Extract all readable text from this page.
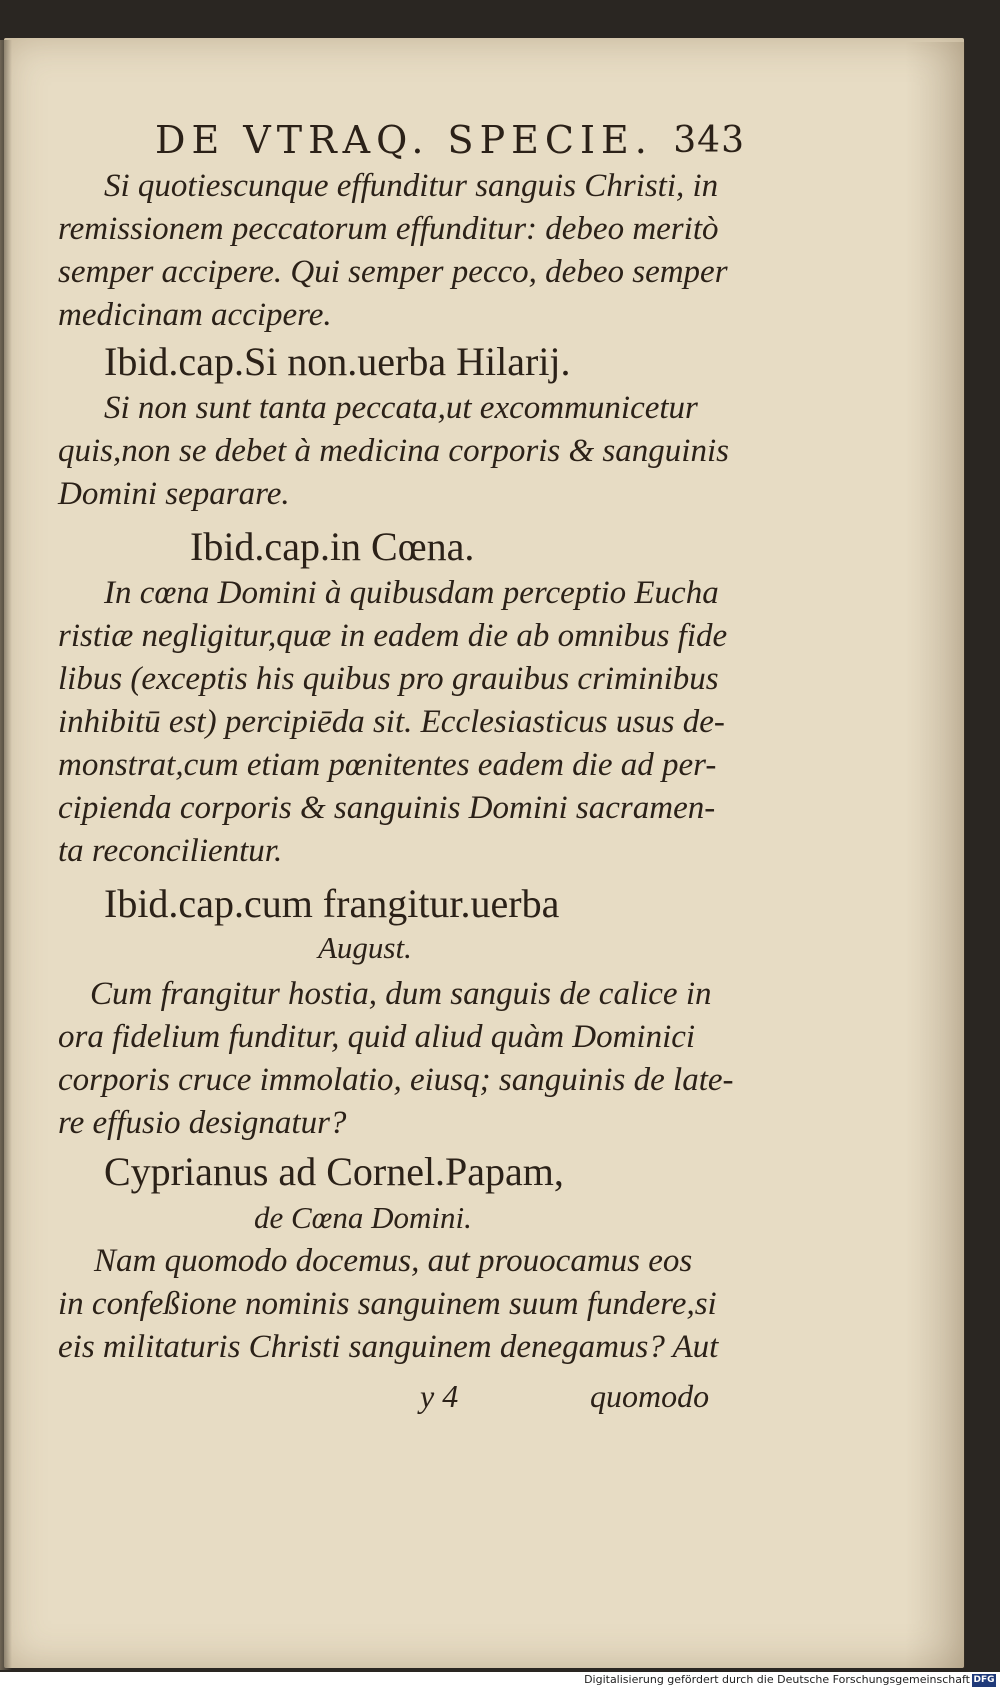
DE VTRAQ. SPECIE. 343
Si quotiescunque effunditur sanguis Christi, in
remissionem peccatorum effunditur: debeo meritò
semper accipere. Qui semper pecco, debeo semper
medicinam accipere.
Ibid.cap.Si non.uerba Hilarij.
Si non sunt tanta peccata,ut excommunicetur
quis,non se debet à medicina corporis & sanguinis
Domini separare.
Ibid.cap.in Cœna.
In cœna Domini à quibusdam perceptio Eucha
ristiæ negligitur,quæ in eadem die ab omnibus fide
libus (exceptis his quibus pro grauibus criminibus
inhibitū est) percipiēda sit. Ecclesiasticus usus de-
monstrat,cum etiam pœnitentes eadem die ad per-
cipienda corporis & sanguinis Domini sacramen-
ta reconcilientur.
Ibid.cap.cum frangitur.uerba
August.
Cum frangitur hostia, dum sanguis de calice in
ora fidelium funditur, quid aliud quàm Dominici
corporis cruce immolatio, eiusq; sanguinis de late-
re effusio designatur?
Cyprianus ad Cornel.Papam,
de Cœna Domini.
Nam quomodo docemus, aut prouocamus eos
in confeßione nominis sanguinem suum fundere,si
eis militaturis Christi sanguinem denegamus? Aut
y 4	quomodo
Digitalisierung gefördert durch die Deutsche Forschungsgemeinschaft DFG
